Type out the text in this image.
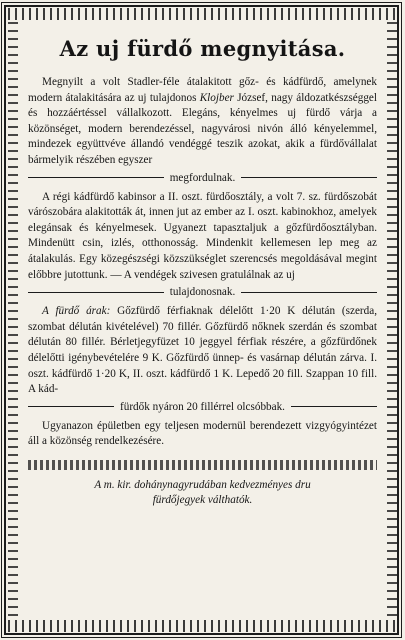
Az uj fürdő megnyitása.

Megnyilt a volt Stadler-féle átalakitott gőz- és kádfürdő, amelynek modern átalakitására az uj tulajdonos Klojber József, nagy áldozatkészséggel és hozzáértéssel vállalkozott. Elegáns, kényelmes uj fürdő várja a közönséget, modern berendezéssel, nagyvárosi nivón álló kényelemmel, mindezek együttvéve állandó vendéggé teszik azokat, akik a fürdővállalat bármelyik részében egyszer

megfordulnak.

A régi kádfürdő kabinsor a II. oszt. fürdőosztály, a volt 7. sz. fürdőszobát várószobára alakitották át, innen jut az ember az I. oszt. kabinokhoz, amelyek elegánsak és kényelmesek. Ugyanezt tapasztaljuk a gőzfürdőosztályban. Mindenütt csin, izlés, otthonosság. Mindenkit kellemesen lep meg az átalakulás. Egy közegészségi közszükséglet szerencsés megoldásával megint előbbre jutottunk. — A vendégek szivesen gratulálnak az uj

tulajdonosnak.

A fürdő árak: Gőzfürdő férfiaknak délelőtt 1·20 K délután (szerda, szombat délután kivételével) 70 fillér. Gőzfürdő nőknek szerdán és szombat délután 80 fillér. Bérletjegyfüzet 10 jeggyel férfiak részére, a gőzfürdőnek délelőtti igénybevételére 9 K. Gőzfürdő ünnep- és vasárnap délután zárva. I. oszt. kádfürdő 1·20 K, II. oszt. kádfürdő 1 K. Lepedő 20 fill. Szappan 10 fill. A kád-

fürdők nyáron 20 fillérrel olcsóbbak.

Ugyanazon épületben egy teljesen modernül berendezett vizgyógyintézet áll a közönség rendelkezésére.

A m. kir. dohánynagyrudában kedvezményes dru
fürdőjegyek válthatók.
